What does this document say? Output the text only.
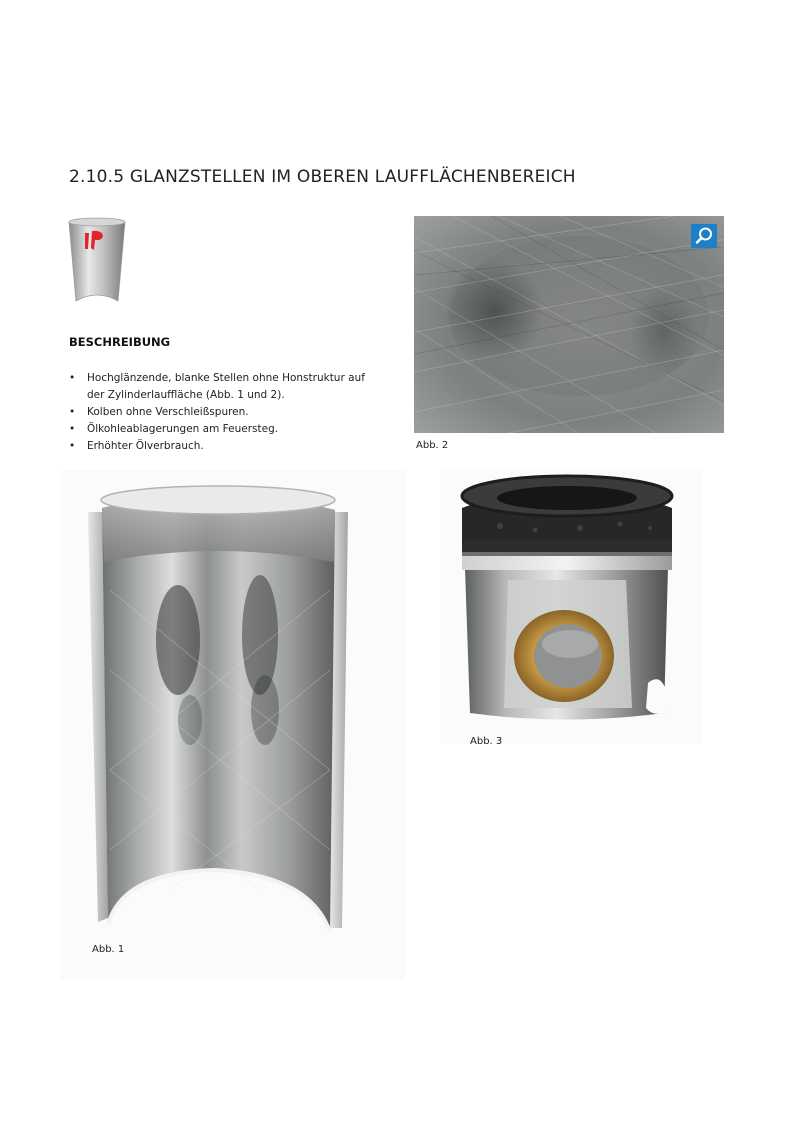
2.10.5 GLANZSTELLEN IM OBEREN LAUFFLÄCHENBEREICH
BESCHREIBUNG
• Hochglänzende, blanke Stellen ohne Honstruktur auf der Zylinderlauffläche (Abb. 1 und 2).
• Kolben ohne Verschleißspuren.
• Ölkohleablagerungen am Feuersteg.
• Erhöhter Ölverbrauch.	Abb. 2
Abb. 1
Abb. 3
